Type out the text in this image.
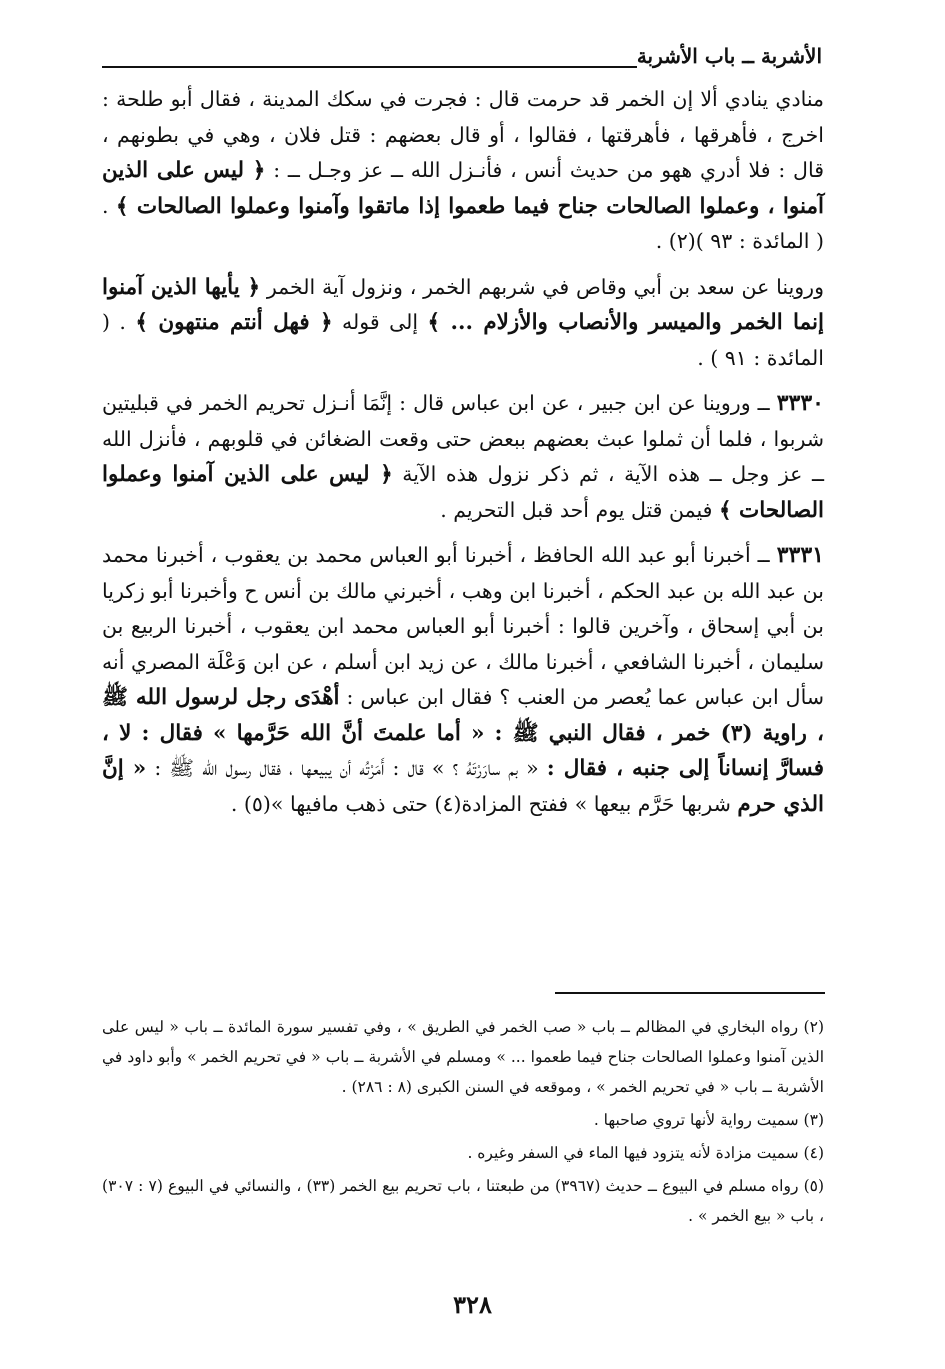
الأشربة ــ باب الأشربة

منادي ينادي ألا إن الخمر قد حرمت قال : فجرت في سكك المدينة ، فقال أبو طلحة : اخرج ، فأهرقها ، فأهرقتها ، فقالوا ، أو قال بعضهم : قتل فلان ، وهي في بطونهم ، قال : فلا أدري ههو من حديث أنس ، فأنـزل الله ــ عز وجـل ــ : ﴿ ليس على الذين آمنوا ، وعملوا الصالحات جناح فيما طعموا إذا ماتقوا وآمنوا وعملوا الصالحات ﴾ . ( المائدة : ٩٣ )(٢) .

وروينا عن سعد بن أبي وقاص في شربهم الخمر ، ونزول آية الخمر ﴿ يأيها الذين آمنوا إنما الخمر والميسر والأنصاب والأزلام ... ﴾ إلى قوله ﴿ فهل أنتم منتهون ﴾ . ( المائدة : ٩١ ) .

٣٣٣٠ ــ وروينا عن ابن جبير ، عن ابن عباس قال : إنَّمَا أنـزل تحريم الخمر في قبليتين شربوا ، فلما أن ثملوا عبث بعضهم ببعض حتى وقعت الضغائن في قلوبهم ، فأنزل الله ــ عز وجل ــ هذه الآية ، ثم ذكر نزول هذه الآية ﴿ ليس على الذين آمنوا وعملوا الصالحات ﴾ فيمن قتل يوم أحد قبل التحريم .

٣٣٣١ ــ أخبرنا أبو عبد الله الحافظ ، أخبرنا أبو العباس محمد بن يعقوب ، أخبرنا محمد بن عبد الله بن عبد الحكم ، أخبرنا ابن وهب ، أخبرني مالك بن أنس ح وأخبرنا أبو زكريا بن أبي إسحاق ، وآخرين قالوا : أخبرنا أبو العباس محمد ابن يعقوب ، أخبرنا الربيع بن سليمان ، أخبرنا الشافعي ، أخبرنا مالك ، عن زيد ابن أسلم ، عن ابن وَعْلَة المصري أنه سأل ابن عباس عما يُعصر من العنب ؟ فقال ابن عباس : أهْدَى رجل لرسول الله ﷺ ، راوية (٣) خمر ، فقال النبي ﷺ : « أما علمتَ أنَّ الله حَرَّمها » فقال : لا ، فسارَّ إنساناً إلى جنبه ، فقال : « بم سارَرْتَهُ ؟ » قال : أَمَرْتُه أن يبيعها ، فقال رسول الله ﷺ : « إنَّ الذي حرم شربها حَرَّم بيعها » ففتح المزادة(٤) حتى ذهب مافيها »(٥) .

(٢) رواه البخاري في المظالم ــ باب « صب الخمر في الطريق » ، وفي تفسير سورة المائدة ــ باب « ليس على الذين آمنوا وعملوا الصالحات جناح فيما طعموا ... » ومسلم في الأشربة ــ باب « في تحريم الخمر » وأبو داود في الأشربة ــ باب « في تحريم الخمر » ، وموقعه في السنن الكبرى (٨ : ٢٨٦) .

(٣) سميت رواية لأنها تروي صاحبها .

(٤) سميت مزادة لأنه يتزود فيها الماء في السفر وغيره .

(٥) رواه مسلم في البيوع ــ حديث (٣٩٦٧) من طبعتنا ، باب تحريم بيع الخمر (٣٣) ، والنسائي في البيوع (٧ : ٣٠٧) ، باب « بيع الخمر » .

٣٢٨
